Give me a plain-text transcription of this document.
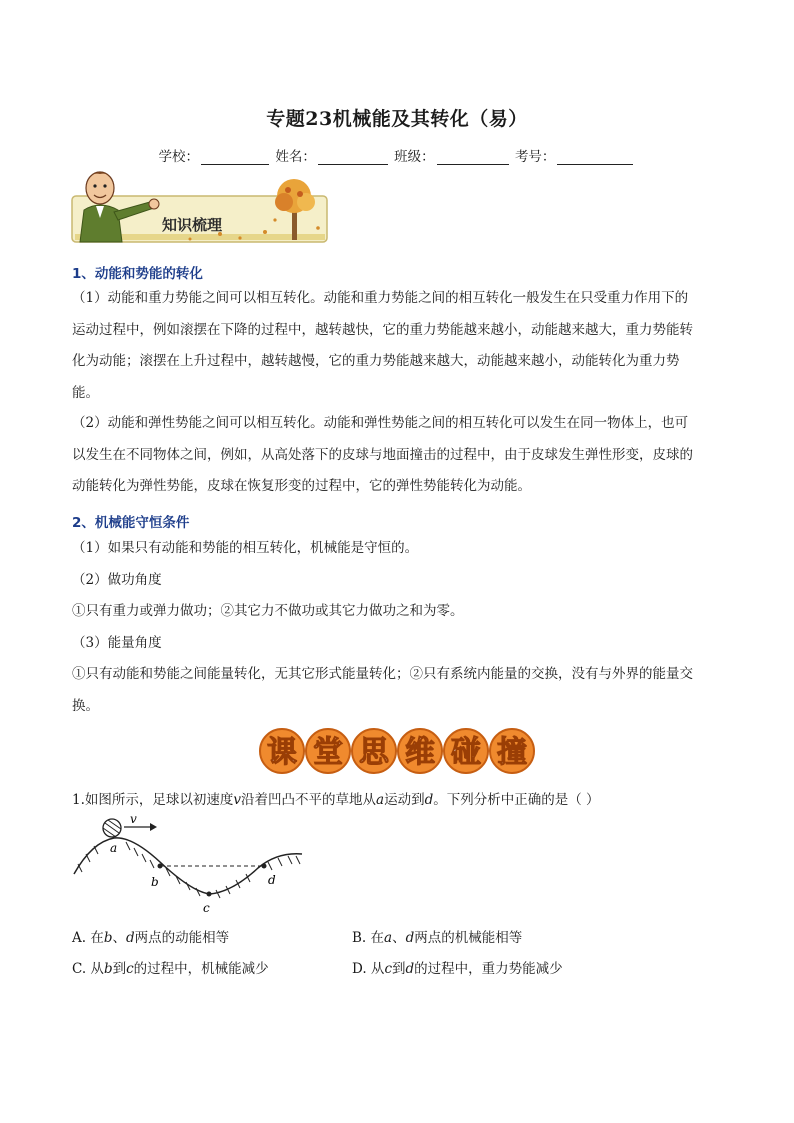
专题23机械能及其转化（易）
学校：	姓名：	班级：	考号：
知识梳理
1、动能和势能的转化
（1）动能和重力势能之间可以相互转化。动能和重力势能之间的相互转化一般发生在只受重力作用下的
运动过程中，例如滚摆在下降的过程中，越转越快，它的重力势能越来越小，动能越来越大，重力势能转
化为动能；滚摆在上升过程中，越转越慢，它的重力势能越来越大，动能越来越小，动能转化为重力势
能。
（2）动能和弹性势能之间可以相互转化。动能和弹性势能之间的相互转化可以发生在同一物体上，也可
以发生在不同物体之间，例如，从高处落下的皮球与地面撞击的过程中，由于皮球发生弹性形变，皮球的
动能转化为弹性势能，皮球在恢复形变的过程中，它的弹性势能转化为动能。
2、机械能守恒条件
（1）如果只有动能和势能的相互转化，机械能是守恒的。
（2）做功角度
①只有重力或弹力做功；②其它力不做功或其它力做功之和为零。
（3）能量角度
①只有动能和势能之间能量转化，无其它形式能量转化；②只有系统内能量的交换，没有与外界的能量交
换。
课 堂 思 维 碰 撞
1.如图所示，足球以初速度v沿着凹凸不平的草地从a运动到d。下列分析中正确的是（ ）
v
a
b
c
d
A. 在b、d两点的动能相等	B. 在a、d两点的机械能相等
C. 从b到c的过程中，机械能减少	D. 从c到d的过程中，重力势能减少
